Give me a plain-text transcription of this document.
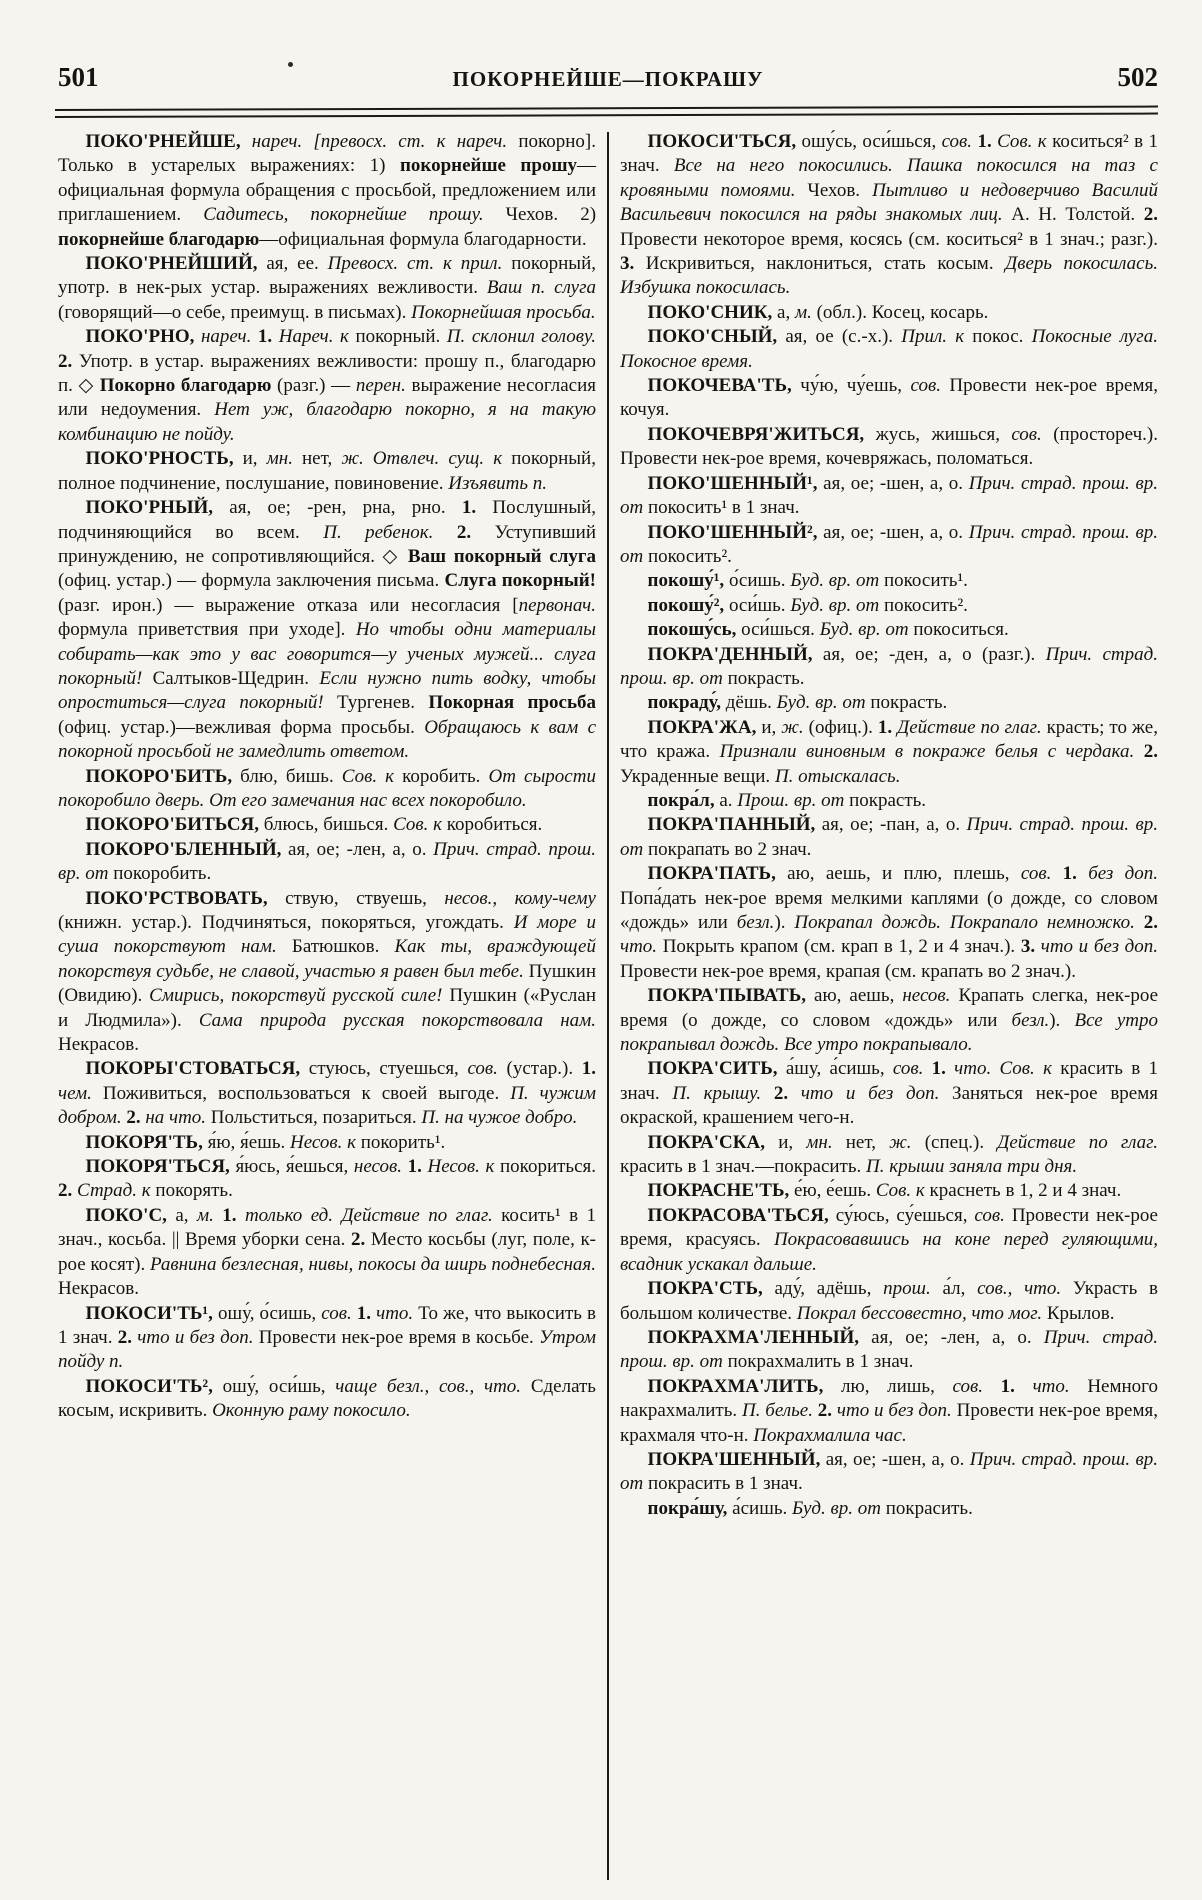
501	ПОКОРНЕЙШЕ—ПОКРАШУ	502

ПОКО'РНЕЙШЕ, нареч. [превосх. ст. к нареч. покорно]. Только в устарелых выражениях: 1) покорнейше прошу—официальная формула обращения с просьбой, предложением или приглашением. Садитесь, покорнейше прошу. Чехов. 2) покорнейше благодарю—официальная формула благодарности.

ПОКО'РНЕЙШИЙ, ая, ее. Превосх. ст. к прил. покорный, употр. в нек-рых устар. выражениях вежливости. Ваш п. слуга (говорящий—о себе, преимущ. в письмах). Покорнейшая просьба.

ПОКО'РНО, нареч. 1. Нареч. к покорный. П. склонил голову. 2. Употр. в устар. выражениях вежливости: прошу п., благодарю п. ◇ Покорно благодарю (разг.) — перен. выражение несогласия или недоумения. Нет уж, благодарю покорно, я на такую комбинацию не пойду.

ПОКО'РНОСТЬ, и, мн. нет, ж. Отвлеч. сущ. к покорный, полное подчинение, послушание, повиновение. Изъявить п.

ПОКО'РНЫЙ, ая, ое; -рен, рна, рно. 1. Послушный, подчиняющийся во всем. П. ребенок. 2. Уступивший принуждению, не сопротивляющийся. ◇ Ваш покорный слуга (офиц. устар.) — формула заключения письма. Слуга покорный! (разг. ирон.) — выражение отказа или несогласия [первонач. формула приветствия при уходе]. Но чтобы одни материалы собирать—как это у вас говорится—у ученых мужей... слуга покорный! Салтыков-Щедрин. Если нужно пить водку, чтобы опроститься—слуга покорный! Тургенев. Покорная просьба (офиц. устар.)—вежливая форма просьбы. Обращаюсь к вам с покорной просьбой не замедлить ответом.

ПОКОРО'БИТЬ, блю, бишь. Сов. к коробить. От сырости покоробило дверь. От его замечания нас всех покоробило.

ПОКОРО'БИТЬСЯ, блюсь, бишься. Сов. к коробиться.

ПОКОРО'БЛЕННЫЙ, ая, ое; -лен, а, о. Прич. страд. прош. вр. от покоробить.

ПОКО'РСТВОВАТЬ, ствую, ствуешь, несов., кому-чему (книжн. устар.). Подчиняться, покоряться, угождать. И море и суша покорствуют нам. Батюшков. Как ты, враждующей покорствуя судьбе, не славой, участью я равен был тебе. Пушкин (Овидию). Смирись, покорствуй русской силе! Пушкин («Руслан и Людмила»). Сама природа русская покорствовала нам. Некрасов.

ПОКОРЫ'СТОВАТЬСЯ, стуюсь, стуешься, сов. (устар.). 1. чем. Поживиться, воспользоваться к своей выгоде. П. чужим добром. 2. на что. Польститься, позариться. П. на чужое добро.

ПОКОРЯ'ТЬ, я́ю, я́ешь. Несов. к покорить¹.

ПОКОРЯ'ТЬСЯ, я́юсь, я́ешься, несов. 1. Несов. к покориться. 2. Страд. к покорять.

ПОКО'С, а, м. 1. только ед. Действие по глаг. косить¹ в 1 знач., косьба. || Время уборки сена. 2. Место косьбы (луг, поле, к-рое косят). Равнина безлесная, нивы, покосы да ширь поднебесная. Некрасов.

ПОКОСИ'ТЬ¹, ошу́, о́сишь, сов. 1. что. То же, что выкосить в 1 знач. 2. что и без доп. Провести нек-рое время в косьбе. Утром пойду п.

ПОКОСИ'ТЬ², ошу́, оси́шь, чаще безл., сов., что. Сделать косым, искривить. Оконную раму покосило.

ПОКОСИ'ТЬСЯ, ошу́сь, оси́шься, сов. 1. Сов. к коситься² в 1 знач. Все на него покосились. Пашка покосился на таз с кровяными помоями. Чехов. Пытливо и недоверчиво Василий Васильевич покосился на ряды знакомых лиц. А. Н. Толстой. 2. Провести некоторое время, косясь (см. коситься² в 1 знач.; разг.). 3. Искривиться, наклониться, стать косым. Дверь покосилась. Избушка покосилась.

ПОКО'СНИК, а, м. (обл.). Косец, косарь.

ПОКО'СНЫЙ, ая, ое (с.-х.). Прил. к покос. Покосные луга. Покосное время.

ПОКОЧЕВА'ТЬ, чу́ю, чу́ешь, сов. Провести нек-рое время, кочуя.

ПОКОЧЕВРЯ'ЖИТЬСЯ, жусь, жишься, сов. (простореч.). Провести нек-рое время, кочевряжась, поломаться.

ПОКО'ШЕННЫЙ¹, ая, ое; -шен, а, о. Прич. страд. прош. вр. от покосить¹ в 1 знач.

ПОКО'ШЕННЫЙ², ая, ое; -шен, а, о. Прич. страд. прош. вр. от покосить².

покошу́¹, о́сишь. Буд. вр. от покосить¹.

покошу́², оси́шь. Буд. вр. от покосить².

покошу́сь, оси́шься. Буд. вр. от покоситься.

ПОКРА'ДЕННЫЙ, ая, ое; -ден, а, о (разг.). Прич. страд. прош. вр. от покрасть.

покраду́, дёшь. Буд. вр. от покрасть.

ПОКРА'ЖА, и, ж. (офиц.). 1. Действие по глаг. красть; то же, что кража. Признали виновным в покраже белья с чердака. 2. Украденные вещи. П. отыскалась.

покра́л, а. Прош. вр. от покрасть.

ПОКРА'ПАННЫЙ, ая, ое; -пан, а, о. Прич. страд. прош. вр. от покрапать во 2 знач.

ПОКРА'ПАТЬ, аю, аешь, и плю, плешь, сов. 1. без доп. Попа́дать нек-рое время мелкими каплями (о дожде, со словом «дождь» или безл.). Покрапал дождь. Покрапало немножко. 2. что. Покрыть крапом (см. крап в 1, 2 и 4 знач.). 3. что и без доп. Провести нек-рое время, крапая (см. крапать во 2 знач.).

ПОКРА'ПЫВАТЬ, аю, аешь, несов. Крапать слегка, нек-рое время (о дожде, со словом «дождь» или безл.). Все утро покрапывал дождь. Все утро покрапывало.

ПОКРА'СИТЬ, а́шу, а́сишь, сов. 1. что. Сов. к красить в 1 знач. П. крышу. 2. что и без доп. Заняться нек-рое время окраской, крашением чего-н.

ПОКРА'СКА, и, мн. нет, ж. (спец.). Действие по глаг. красить в 1 знач.—покрасить. П. крыши заняла три дня.

ПОКРАСНЕ'ТЬ, е́ю, е́ешь. Сов. к краснеть в 1, 2 и 4 знач.

ПОКРАСОВА'ТЬСЯ, су́юсь, су́ешься, сов. Провести нек-рое время, красуясь. Покрасовавшись на коне перед гуляющими, всадник ускакал дальше.

ПОКРА'СТЬ, аду́, адёшь, прош. а́л, сов., что. Украсть в большом количестве. Покрал бессовестно, что мог. Крылов.

ПОКРАХМА'ЛЕННЫЙ, ая, ое; -лен, а, о. Прич. страд. прош. вр. от покрахмалить в 1 знач.

ПОКРАХМА'ЛИТЬ, лю, лишь, сов. 1. что. Немного накрахмалить. П. белье. 2. что и без доп. Провести нек-рое время, крахмаля что-н. Покрахмалила час.

ПОКРА'ШЕННЫЙ, ая, ое; -шен, а, о. Прич. страд. прош. вр. от покрасить в 1 знач.

покра́шу, а́сишь. Буд. вр. от покрасить.
